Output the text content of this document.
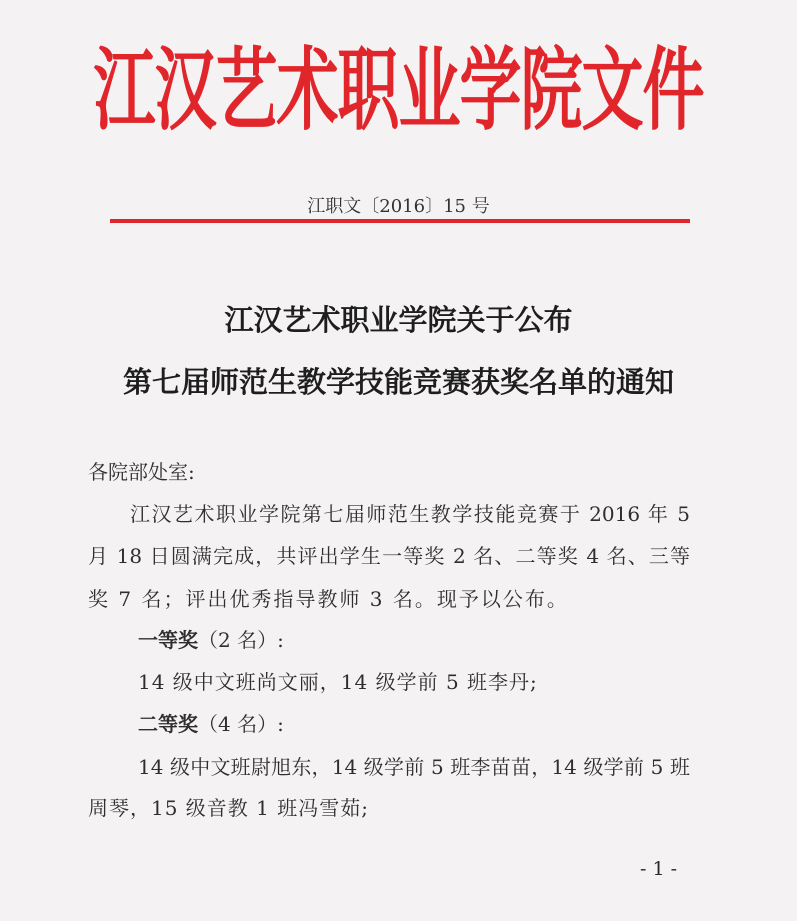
江汉艺术职业学院文件
江职文〔2016〕15 号
江汉艺术职业学院关于公布
第七届师范生教学技能竞赛获奖名单的通知
各院部处室:
江汉艺术职业学院第七届师范生教学技能竞赛于 2016 年 5
月 18 日圆满完成，共评出学生一等奖 2 名、二等奖 4 名、三等
奖 7 名；评出优秀指导教师 3 名。现予以公布。
一等奖（2 名）:
14 级中文班尚文丽，14 级学前 5 班李丹;
二等奖（4 名）:
14 级中文班尉旭东，14 级学前 5 班李苗苗，14 级学前 5 班
周琴，15 级音教 1 班冯雪茹;
- 1 -
